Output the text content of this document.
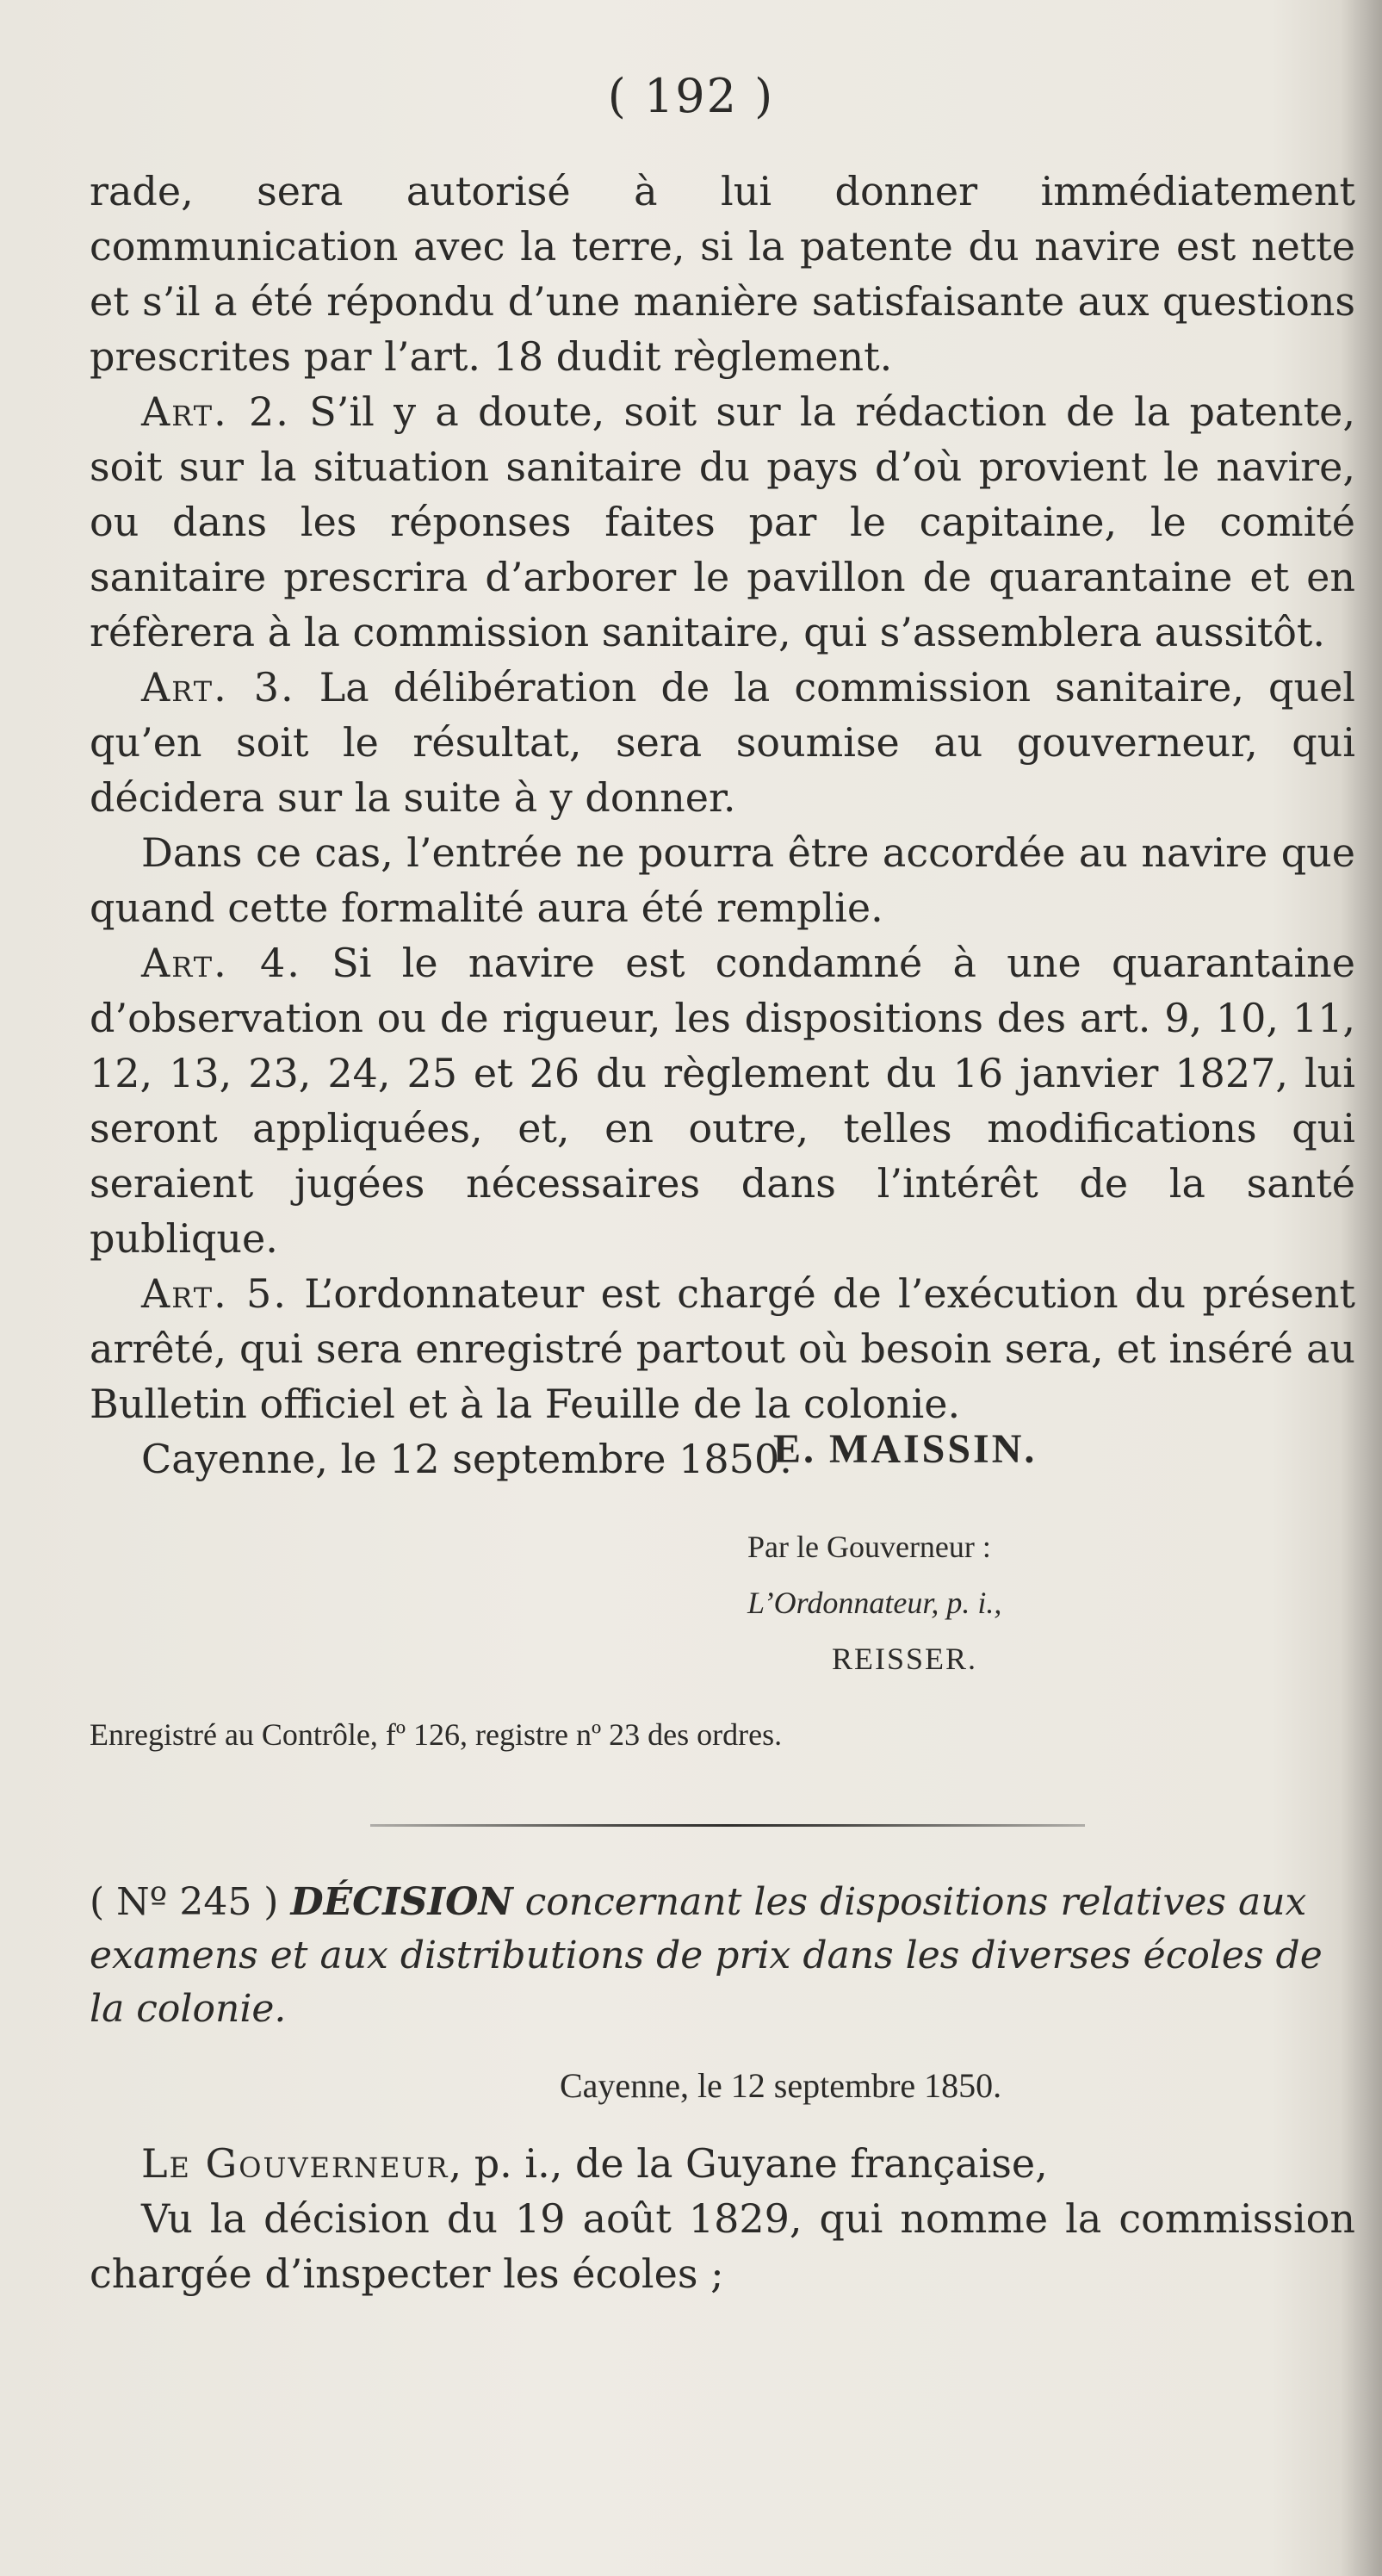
( 192 )

rade, sera autorisé à lui donner immédiatement communication avec la terre, si la patente du navire est nette et s’il a été répondu d’une manière satisfaisante aux questions prescrites par l’art. 18 dudit règlement.

Art. 2. S’il y a doute, soit sur la rédaction de la patente, soit sur la situation sanitaire du pays d’où provient le navire, ou dans les réponses faites par le capitaine, le comité sanitaire prescrira d’arborer le pavillon de quarantaine et en réfèrera à la commission sanitaire, qui s’assemblera aussitôt.

Art. 3. La délibération de la commission sanitaire, quel qu’en soit le résultat, sera soumise au gouverneur, qui décidera sur la suite à y donner.

Dans ce cas, l’entrée ne pourra être accordée au navire que quand cette formalité aura été remplie.

Art. 4. Si le navire est condamné à une quarantaine d’observation ou de rigueur, les dispositions des art. 9, 10, 11, 12, 13, 23, 24, 25 et 26 du règlement du 16 janvier 1827, lui seront appliquées, et, en outre, telles modifications qui seraient jugées nécessaires dans l’intérêt de la santé publique.

Art. 5. L’ordonnateur est chargé de l’exécution du présent arrêté, qui sera enregistré partout où besoin sera, et inséré au Bulletin officiel et à la Feuille de la colonie.

Cayenne, le 12 septembre 1850.

E. MAISSIN.
Par le Gouverneur :
L’Ordonnateur, p. i.,
REISSER.
Enregistré au Contrôle, fº 126, registre nº 23 des ordres.
( Nº 245 ) DÉCISION concernant les dispositions relatives aux examens et aux distributions de prix dans les diverses écoles de la colonie.
Cayenne, le 12 septembre 1850.

Le Gouverneur, p. i., de la Guyane française,

Vu la décision du 19 août 1829, qui nomme la commission chargée d’inspecter les écoles ;
